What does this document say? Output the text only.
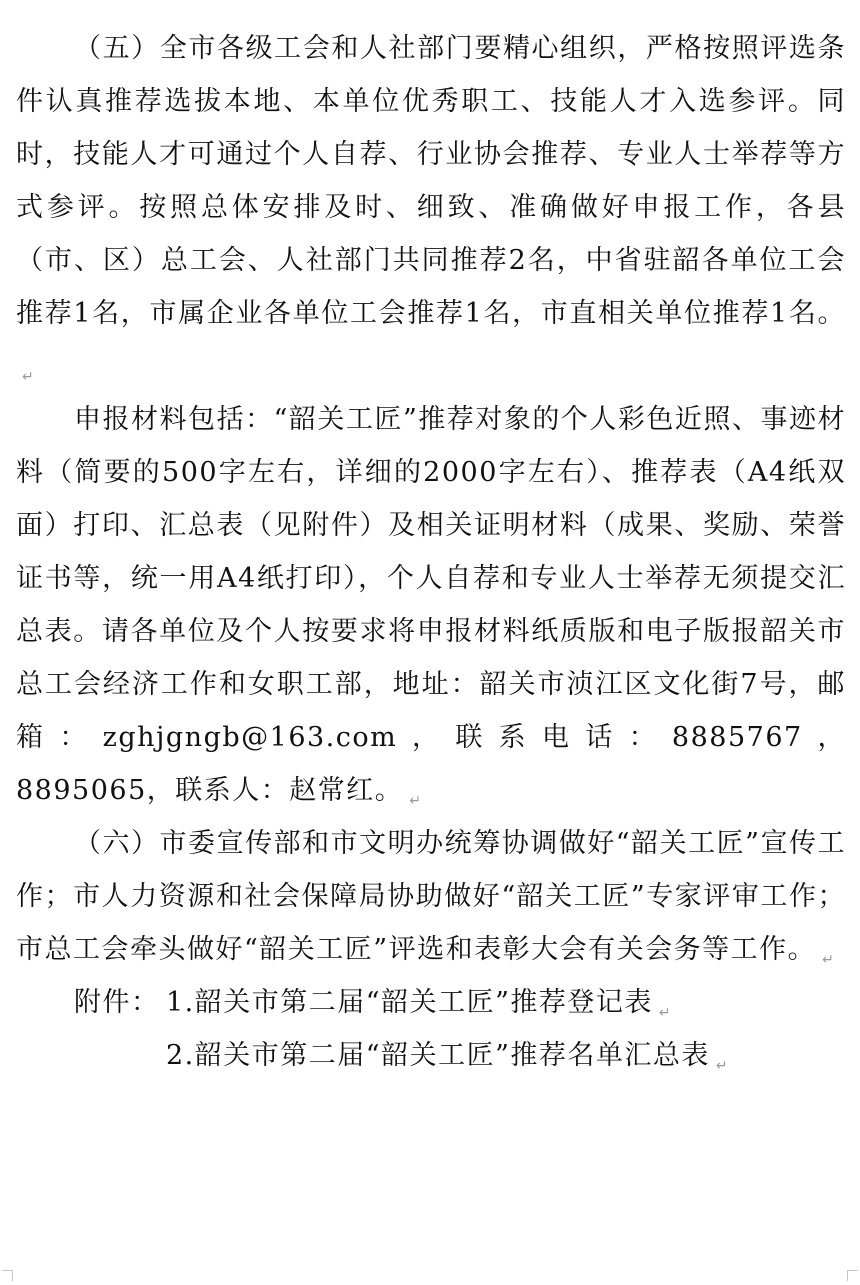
（五）全市各级工会和人社部门要精心组织，严格按照评选条件认真推荐选拔本地、本单位优秀职工、技能人才入选参评。同时，技能人才可通过个人自荐、行业协会推荐、专业人士举荐等方式参评。按照总体安排及时、细致、准确做好申报工作，各县（市、区）总工会、人社部门共同推荐2名，中省驻韶各单位工会推荐1名，市属企业各单位工会推荐1名，市直相关单位推荐1名。↵

申报材料包括：“韶关工匠”推荐对象的个人彩色近照、事迹材料（简要的500字左右，详细的2000字左右）、推荐表（A4纸双面）打印、汇总表（见附件）及相关证明材料（成果、奖励、荣誉证书等，统一用A4纸打印），个人自荐和专业人士举荐无须提交汇总表。请各单位及个人按要求将申报材料纸质版和电子版报韶关市总工会经济工作和女职工部，地址：韶关市浈江区文化街7号，邮箱：zghjgngb@163.com，联系电话：8885767，8895065，联系人：赵常红。 ↵

（六）市委宣传部和市文明办统筹协调做好“韶关工匠”宣传工作；市人力资源和社会保障局协助做好“韶关工匠”专家评审工作；市总工会牵头做好“韶关工匠”评选和表彰大会有关会务等工作。 ↵

附件： 1.韶关市第二届“韶关工匠”推荐登记表 ↵

2.韶关市第二届“韶关工匠”推荐名单汇总表 ↵
